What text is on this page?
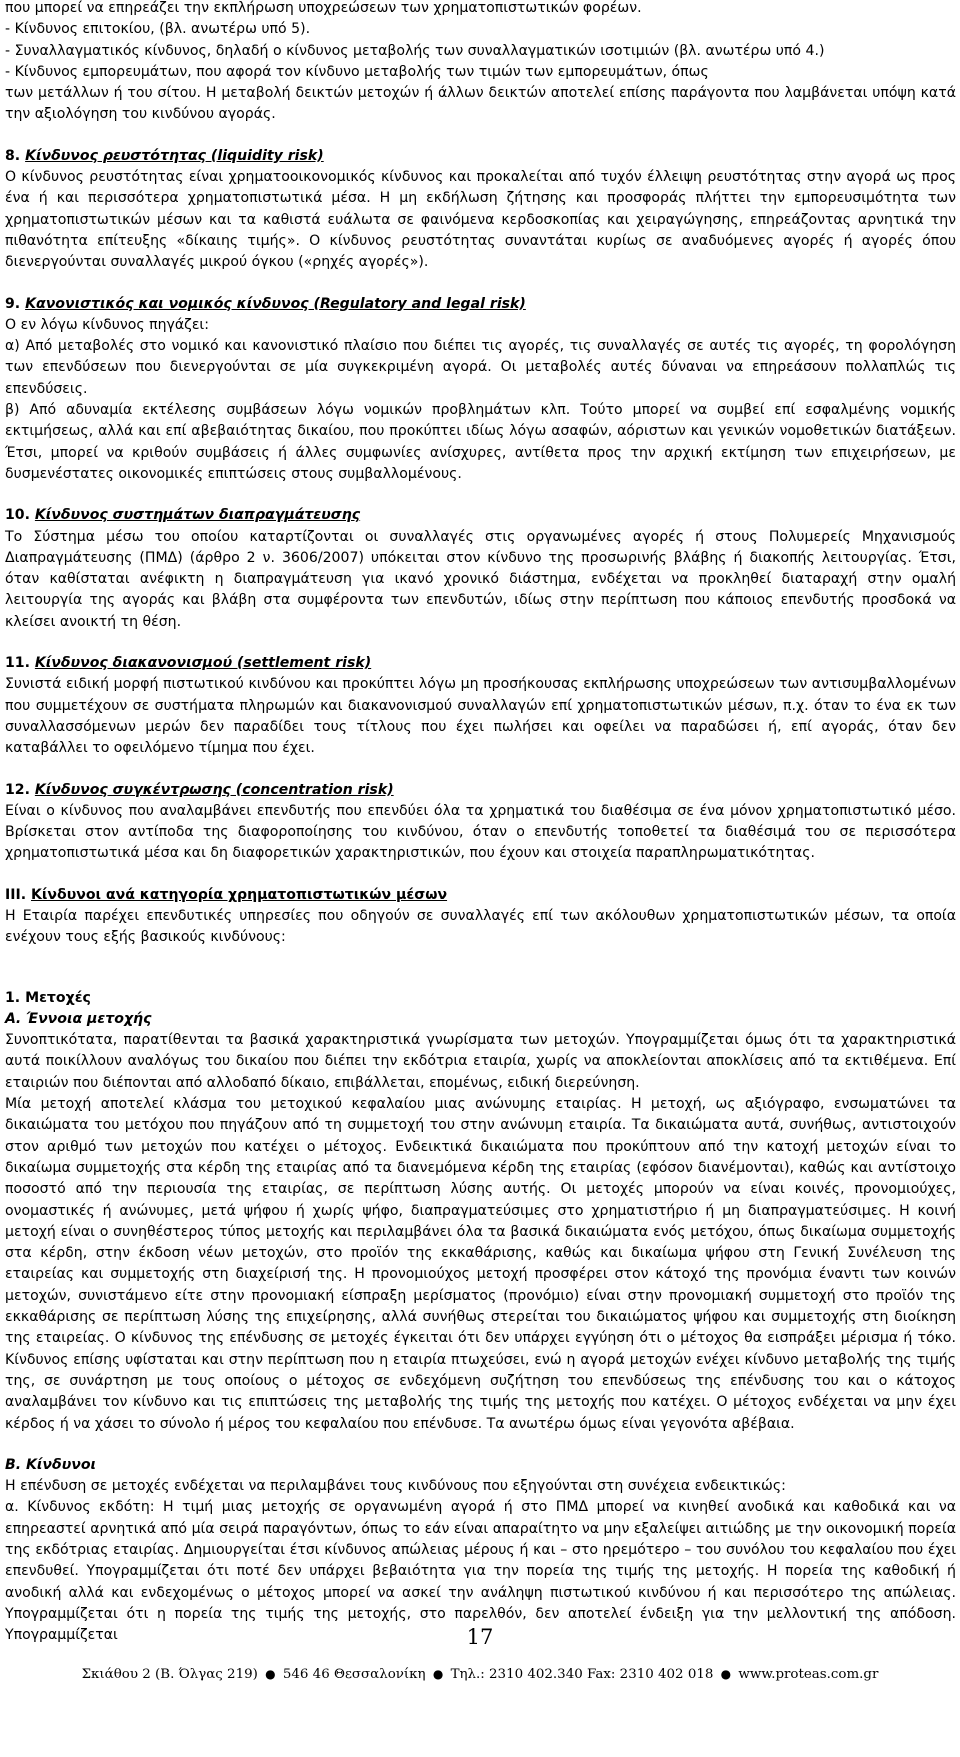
που μπορεί να επηρεάζει την εκπλήρωση υποχρεώσεων των χρηματοπιστωτικών φορέων.

- Κίνδυνος επιτοκίου, (βλ. ανωτέρω υπό 5).

- Συναλλαγματικός κίνδυνος, δηλαδή ο κίνδυνος μεταβολής των συναλλαγματικών ισοτιμιών (βλ. ανωτέρω υπό 4.)

- Κίνδυνος εμπορευμάτων, που αφορά τον κίνδυνο μεταβολής των τιμών των εμπορευμάτων, όπως

των μετάλλων ή του σίτου. Η μεταβολή δεικτών μετοχών ή άλλων δεικτών αποτελεί επίσης παράγοντα που λαμβάνεται υπόψη κατά την αξιολόγηση του κινδύνου αγοράς.

8. Κίνδυνος ρευστότητας (liquidity risk)

Ο κίνδυνος ρευστότητας είναι χρηματοοικονομικός κίνδυνος και προκαλείται από τυχόν έλλειψη ρευστότητας στην αγορά ως προς ένα ή και περισσότερα χρηματοπιστωτικά μέσα. Η μη εκδήλωση ζήτησης και προσφοράς πλήττει την εμπορευσιμότητα των χρηματοπιστωτικών μέσων και τα καθιστά ευάλωτα σε φαινόμενα κερδοσκοπίας και χειραγώγησης, επηρεάζοντας αρνητικά την πιθανότητα επίτευξης «δίκαιης τιμής». Ο κίνδυνος ρευστότητας συναντάται κυρίως σε αναδυόμενες αγορές ή αγορές όπου διενεργούνται συναλλαγές μικρού όγκου («ρηχές αγορές»).

9. Κανονιστικός και νομικός κίνδυνος (Regulatory and legal risk)

Ο εν λόγω κίνδυνος πηγάζει:

α) Από μεταβολές στο νομικό και κανονιστικό πλαίσιο που διέπει τις αγορές, τις συναλλαγές σε αυτές τις αγορές, τη φορολόγηση των επενδύσεων που διενεργούνται σε μία συγκεκριμένη αγορά. Οι μεταβολές αυτές δύναναι να επηρεάσουν πολλαπλώς τις επενδύσεις.

β) Από αδυναμία εκτέλεσης συμβάσεων λόγω νομικών προβλημάτων κλπ. Τούτο μπορεί να συμβεί επί εσφαλμένης νομικής εκτιμήσεως, αλλά και επί αβεβαιότητας δικαίου, που προκύπτει ιδίως λόγω ασαφών, αόριστων και γενικών νομοθετικών διατάξεων. Έτσι, μπορεί να κριθούν συμβάσεις ή άλλες συμφωνίες ανίσχυρες, αντίθετα προς την αρχική εκτίμηση των επιχειρήσεων, με δυσμενέστατες οικονομικές επιπτώσεις στους συμβαλλομένους.

10. Κίνδυνος συστημάτων διαπραγμάτευσης

Το Σύστημα μέσω του οποίου καταρτίζονται οι συναλλαγές στις οργανωμένες αγορές ή στους Πολυμερείς Μηχανισμούς Διαπραγμάτευσης (ΠΜΔ) (άρθρο 2 ν. 3606/2007) υπόκειται στον κίνδυνο της προσωρινής βλάβης ή διακοπής λειτουργίας. Έτσι, όταν καθίσταται ανέφικτη η διαπραγμάτευση για ικανό χρονικό διάστημα, ενδέχεται να προκληθεί διαταραχή στην ομαλή λειτουργία της αγοράς και βλάβη στα συμφέροντα των επενδυτών, ιδίως στην περίπτωση που κάποιος επενδυτής προσδοκά να κλείσει ανοικτή τη θέση.

11. Κίνδυνος διακανονισμού (settlement risk)

Συνιστά ειδική μορφή πιστωτικού κινδύνου και προκύπτει λόγω μη προσήκουσας εκπλήρωσης υποχρεώσεων των αντισυμβαλλομένων που συμμετέχουν σε συστήματα πληρωμών και διακανονισμού συναλλαγών επί χρηματοπιστωτικών μέσων, π.χ. όταν το ένα εκ των συναλλασσόμενων μερών δεν παραδίδει τους τίτλους που έχει πωλήσει και οφείλει να παραδώσει ή, επί αγοράς, όταν δεν καταβάλλει το οφειλόμενο τίμημα που έχει.

12. Κίνδυνος συγκέντρωσης (concentration risk)

Είναι ο κίνδυνος που αναλαμβάνει επενδυτής που επενδύει όλα τα χρηματικά του διαθέσιμα σε ένα μόνον χρηματοπιστωτικό μέσο. Βρίσκεται στον αντίποδα της διαφοροποίησης του κινδύνου, όταν ο επενδυτής τοποθετεί τα διαθέσιμά του σε περισσότερα χρηματοπιστωτικά μέσα και δη διαφορετικών χαρακτηριστικών, που έχουν και στοιχεία παραπληρωματικότητας.

III. Κίνδυνοι ανά κατηγορία χρηματοπιστωτικών μέσων

Η Εταιρία παρέχει επενδυτικές υπηρεσίες που οδηγούν σε συναλλαγές επί των ακόλουθων χρηματοπιστωτικών μέσων, τα οποία ενέχουν τους εξής βασικούς κινδύνους:

1. Μετοχές

Α. Έννοια μετοχής

Συνοπτικότατα, παρατίθενται τα βασικά χαρακτηριστικά γνωρίσματα των μετοχών. Υπογραμμίζεται όμως ότι τα χαρακτηριστικά αυτά ποικίλλουν αναλόγως του δικαίου που διέπει την εκδότρια εταιρία, χωρίς να αποκλείονται αποκλίσεις από τα εκτιθέμενα. Επί εταιριών που διέπονται από αλλοδαπό δίκαιο, επιβάλλεται, επομένως, ειδική διερεύνηση.

Μία μετοχή αποτελεί κλάσμα του μετοχικού κεφαλαίου μιας ανώνυμης εταιρίας. Η μετοχή, ως αξιόγραφο, ενσωματώνει τα δικαιώματα του μετόχου που πηγάζουν από τη συμμετοχή του στην ανώνυμη εταιρία. Τα δικαιώματα αυτά, συνήθως, αντιστοιχούν στον αριθμό των μετοχών που κατέχει ο μέτοχος. Ενδεικτικά δικαιώματα που προκύπτουν από την κατοχή μετοχών είναι το δικαίωμα συμμετοχής στα κέρδη της εταιρίας από τα διανεμόμενα κέρδη της εταιρίας (εφόσον διανέμονται), καθώς και αντίστοιχο ποσοστό από την περιουσία της εταιρίας, σε περίπτωση λύσης αυτής. Οι μετοχές μπορούν να είναι κοινές, προνομιούχες, ονομαστικές ή ανώνυμες, μετά ψήφου ή χωρίς ψήφο, διαπραγματεύσιμες στο χρηματιστήριο ή μη διαπραγματεύσιμες. Η κοινή μετοχή είναι ο συνηθέστερος τύπος μετοχής και περιλαμβάνει όλα τα βασικά δικαιώματα ενός μετόχου, όπως δικαίωμα συμμετοχής στα κέρδη, στην έκδοση νέων μετοχών, στο προϊόν της εκκαθάρισης, καθώς και δικαίωμα ψήφου στη Γενική Συνέλευση της εταιρείας και συμμετοχής στη διαχείρισή της. Η προνομιούχος μετοχή προσφέρει στον κάτοχό της προνόμια έναντι των κοινών μετοχών, συνιστάμενο είτε στην προνομιακή είσπραξη μερίσματος (προνόμιο) είναι στην προνομιακή συμμετοχή στο προϊόν της εκκαθάρισης σε περίπτωση λύσης της επιχείρησης, αλλά συνήθως στερείται του δικαιώματος ψήφου και συμμετοχής στη διοίκηση της εταιρείας. Ο κίνδυνος της επένδυσης σε μετοχές έγκειται ότι δεν υπάρχει εγγύηση ότι ο μέτοχος θα εισπράξει μέρισμα ή τόκο. Κίνδυνος επίσης υφίσταται και στην περίπτωση που η εταιρία πτωχεύσει, ενώ η αγορά μετοχών ενέχει κίνδυνο μεταβολής της τιμής της, σε συνάρτηση με τους οποίους ο μέτοχος σε ενδεχόμενη συζήτηση του επενδύσεως της επένδυσης του και ο κάτοχος αναλαμβάνει τον κίνδυνο και τις επιπτώσεις της μεταβολής της τιμής της μετοχής που κατέχει. Ο μέτοχος ενδέχεται να μην έχει κέρδος ή να χάσει το σύνολο ή μέρος του κεφαλαίου που επένδυσε. Τα ανωτέρω όμως είναι γεγονότα αβέβαια.

Β. Κίνδυνοι

Η επένδυση σε μετοχές ενδέχεται να περιλαμβάνει τους κινδύνους που εξηγούνται στη συνέχεια ενδεικτικώς:

α. Κίνδυνος εκδότη: Η τιμή μιας μετοχής σε οργανωμένη αγορά ή στο ΠΜΔ μπορεί να κινηθεί ανοδικά και καθοδικά και να επηρεαστεί αρνητικά από μία σειρά παραγόντων, όπως το εάν είναι απαραίτητο να μην εξαλείψει αιτιώδης με την οικονομική πορεία της εκδότριας εταιρίας. Δημιουργείται έτσι κίνδυνος απώλειας μέρους ή και – στο ηρεμότερο – του συνόλου του κεφαλαίου που έχει επενδυθεί. Υπογραμμίζεται ότι ποτέ δεν υπάρχει βεβαιότητα για την πορεία της τιμής της μετοχής. Η πορεία της καθοδική ή ανοδική αλλά και ενδεχομένως ο μέτοχος μπορεί να ασκεί την ανάληψη πιστωτικού κινδύνου ή και περισσότερο της απώλειας. Υπογραμμίζεται ότι η πορεία της τιμής της μετοχής, στο παρελθόν, δεν αποτελεί ένδειξη για την μελλοντική της απόδοση. Υπογραμμίζεται	17
Σκιάθου 2 (Β. Όλγας 219) ● 546 46 Θεσσαλονίκη ● Τηλ.: 2310 402.340 Fax: 2310 402 018 ● www.proteas.com.gr
